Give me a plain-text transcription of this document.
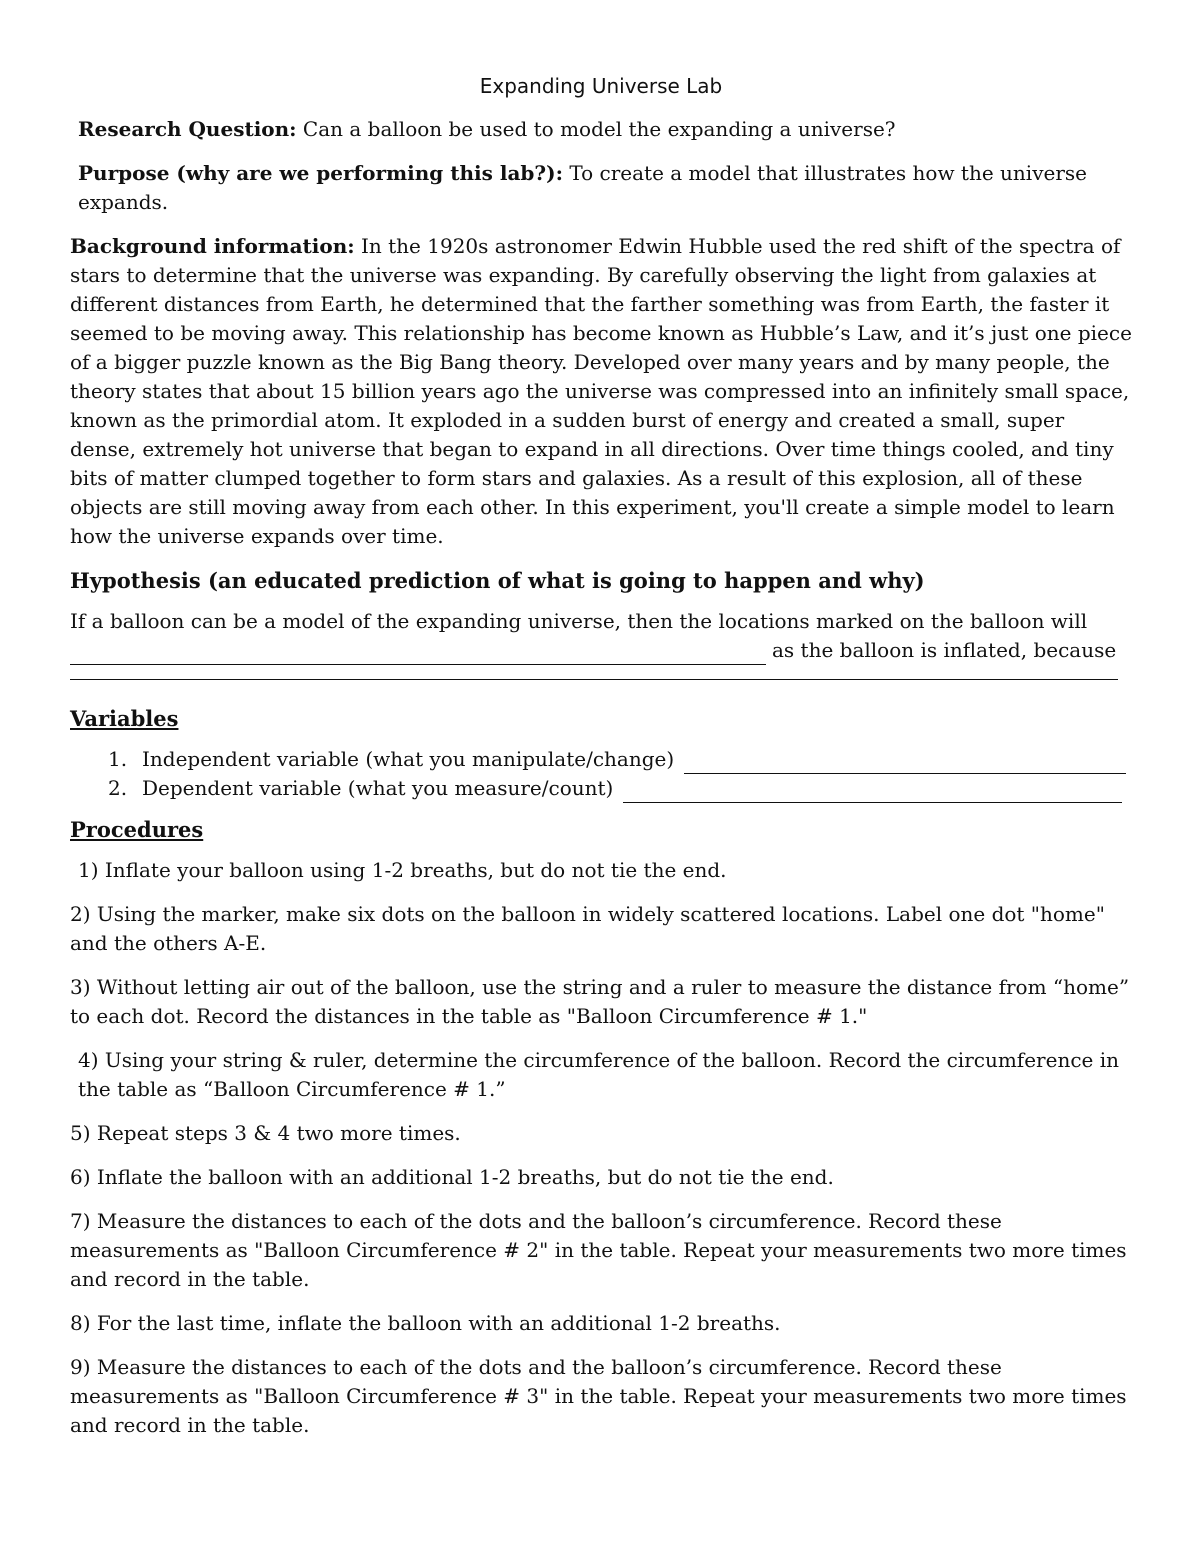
Expanding Universe Lab

Research Question: Can a balloon be used to model the expanding a universe?

Purpose (why are we performing this lab?): To create a model that illustrates how the universe expands.

Background information: In the 1920s astronomer Edwin Hubble used the red shift of the spectra of stars to determine that the universe was expanding. By carefully observing the light from galaxies at different distances from Earth, he determined that the farther something was from Earth, the faster it seemed to be moving away. This relationship has become known as Hubble’s Law, and it’s just one piece of a bigger puzzle known as the Big Bang theory. Developed over many years and by many people, the theory states that about 15 billion years ago the universe was compressed into an infinitely small space, known as the primordial atom. It exploded in a sudden burst of energy and created a small, super dense, extremely hot universe that began to expand in all directions. Over time things cooled, and tiny bits of matter clumped together to form stars and galaxies. As a result of this explosion, all of these objects are still moving away from each other. In this experiment, you'll create a simple model to learn how the universe expands over time.

Hypothesis (an educated prediction of what is going to happen and why)
If a balloon can be a model of the expanding universe, then the locations marked on the balloon will
as the balloon is inflated, because
Variables
1. Independent variable (what you manipulate/change)
2. Dependent variable (what you measure/count)
Procedures

1) Inflate your balloon using 1-2 breaths, but do not tie the end.

2) Using the marker, make six dots on the balloon in widely scattered locations. Label one dot "home" and the others A-E.

3) Without letting air out of the balloon, use the string and a ruler to measure the distance from “home” to each dot. Record the distances in the table as "Balloon Circumference # 1."

4) Using your string & ruler, determine the circumference of the balloon. Record the circumference in the table as “Balloon Circumference # 1.”

5) Repeat steps 3 & 4 two more times.

6) Inflate the balloon with an additional 1-2 breaths, but do not tie the end.

7) Measure the distances to each of the dots and the balloon’s circumference. Record these measurements as "Balloon Circumference # 2" in the table. Repeat your measurements two more times and record in the table.

8) For the last time, inflate the balloon with an additional 1-2 breaths.

9) Measure the distances to each of the dots and the balloon’s circumference. Record these measurements as "Balloon Circumference # 3" in the table. Repeat your measurements two more times and record in the table.
